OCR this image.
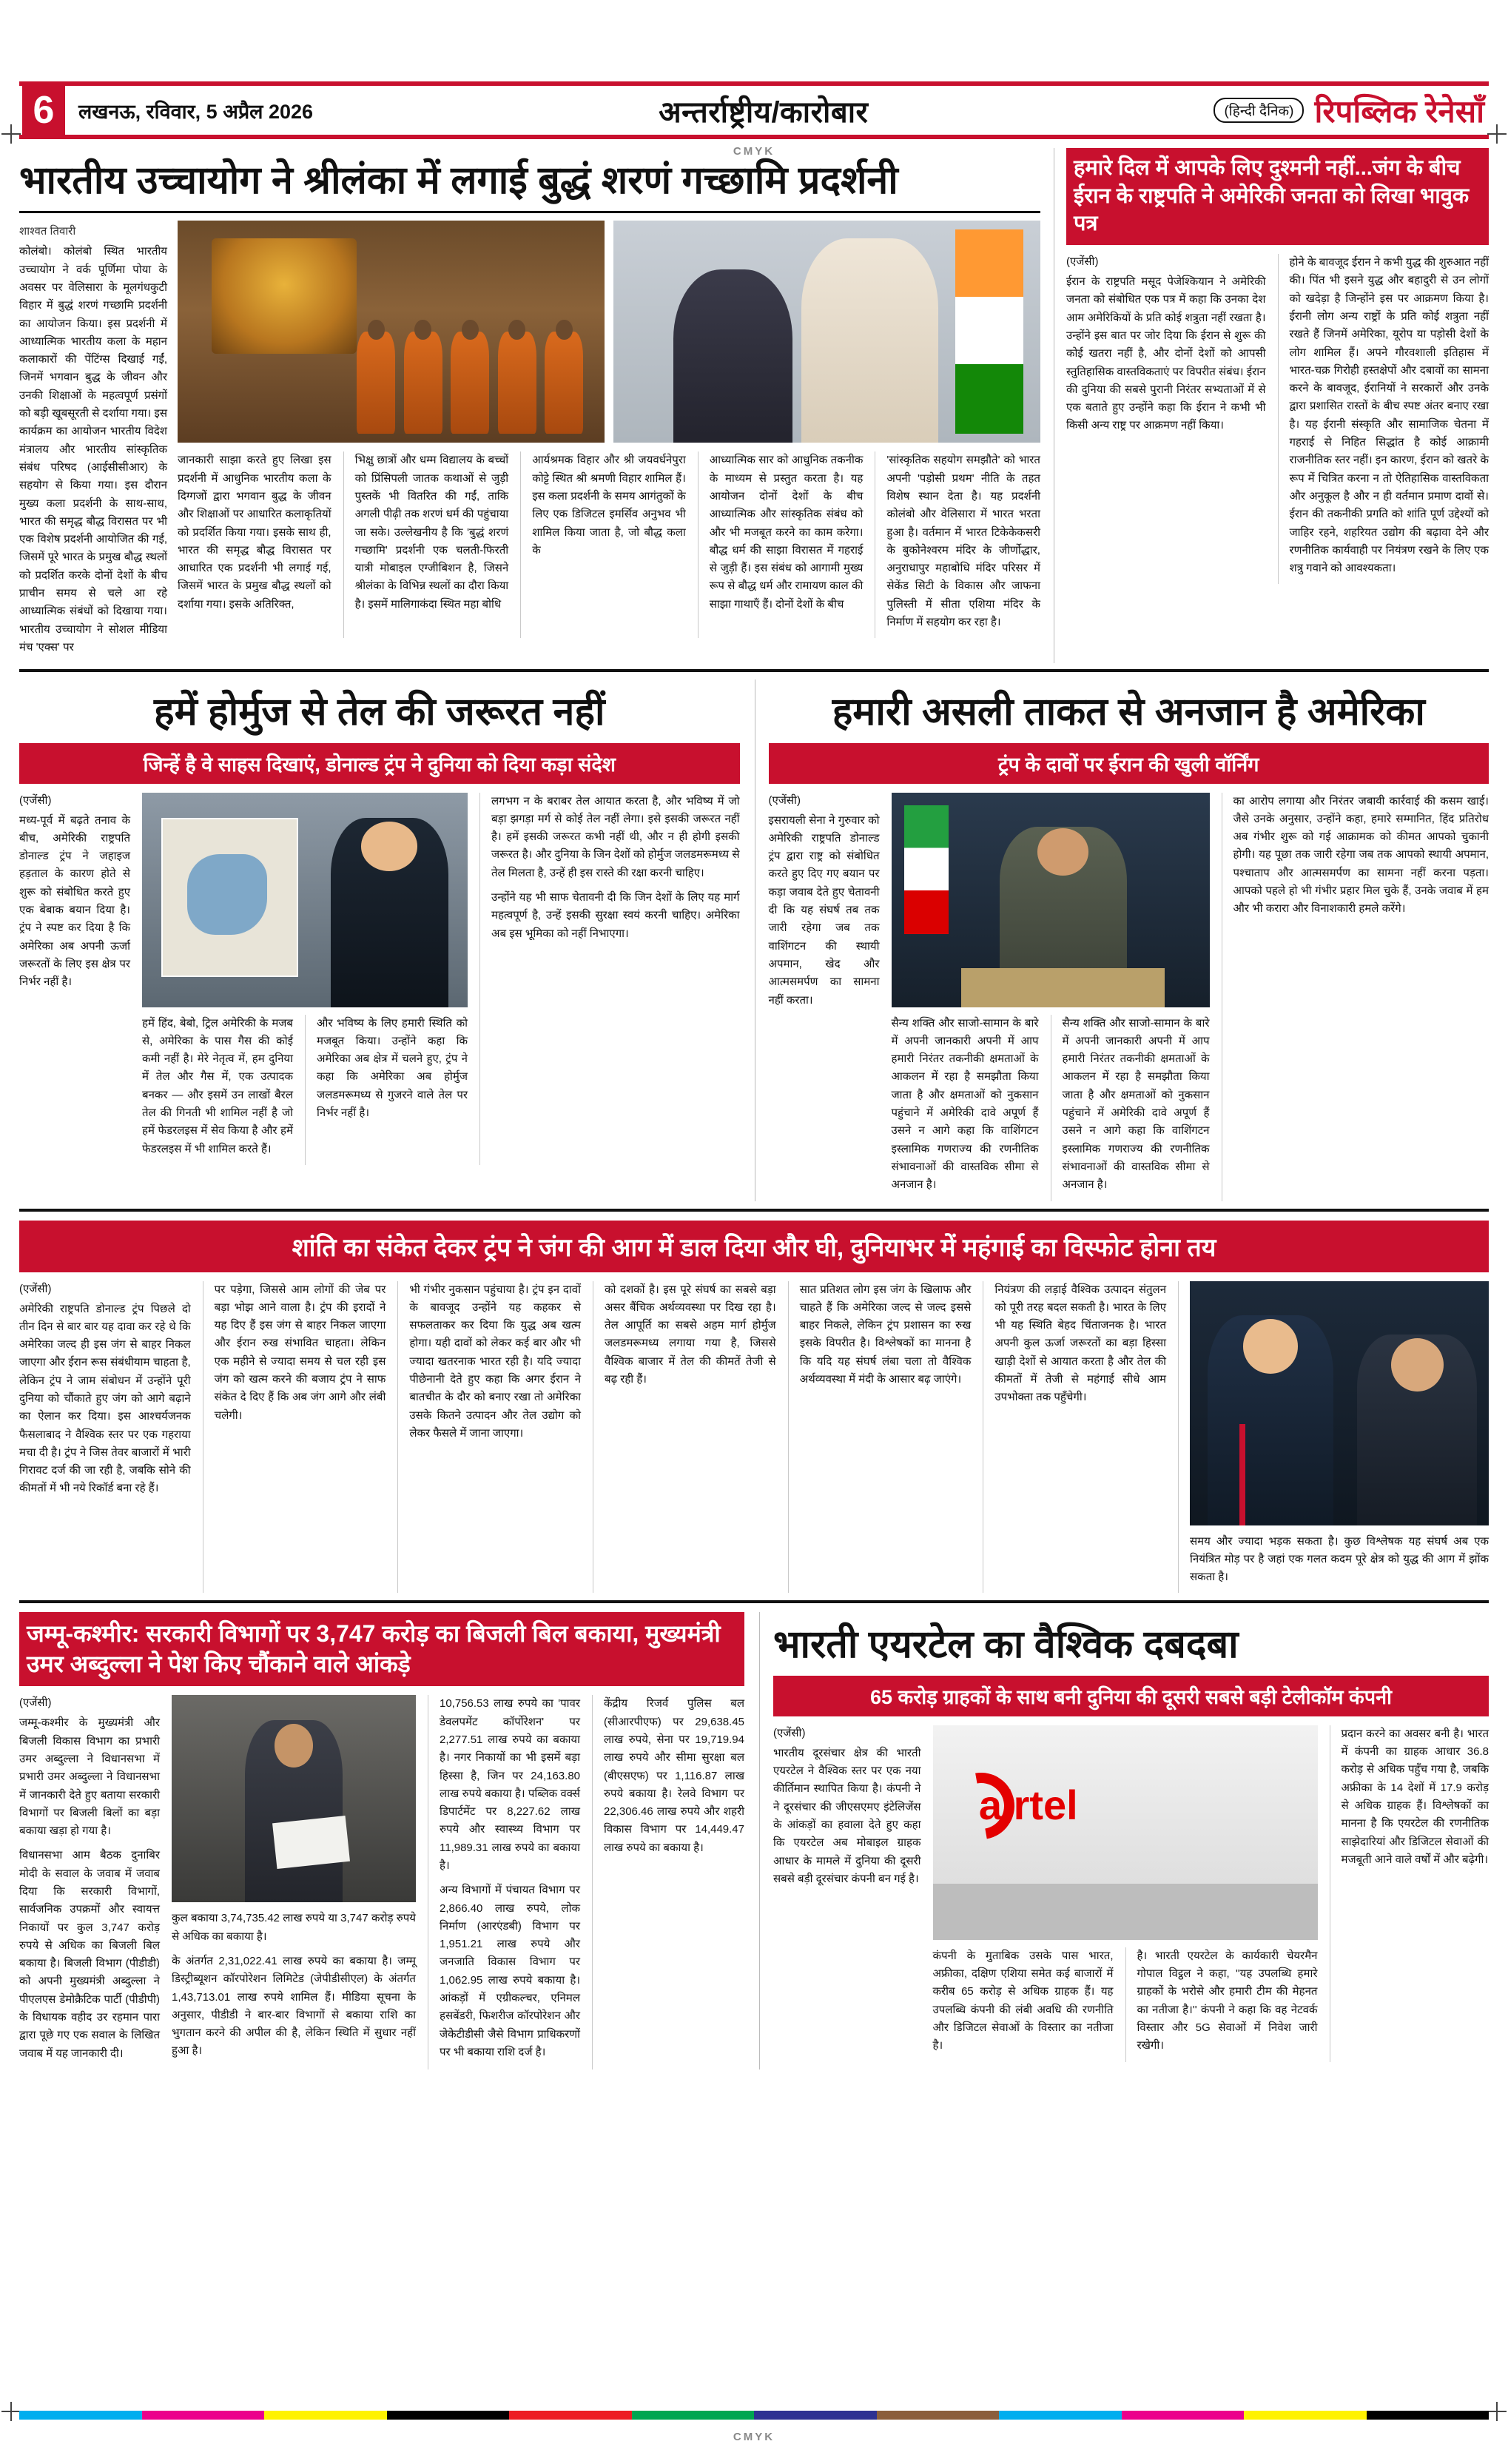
CMYK
CMYK
6	लखनऊ, रविवार, 5 अप्रैल 2026	अन्तर्राष्ट्रीय/कारोबार	(हिन्दी दैनिक) रिपब्लिक रेनेसाँ
भारतीय उच्चायोग ने श्रीलंका में लगाई बुद्धं शरणं गच्छामि प्रदर्शनी
शाश्वत तिवारी

कोलंबो। कोलंबो स्थित भारतीय उच्चायोग ने वर्क पूर्णिमा पोया के अवसर पर वेलिसारा के मूलगंधकुटी विहार में बुद्धं शरणं गच्छामि प्रदर्शनी का आयोजन किया। इस प्रदर्शनी में आध्यात्मिक भारतीय कला के महान कलाकारों की पेंटिंग्स दिखाई गईं, जिनमें भगवान बुद्ध के जीवन और उनकी शिक्षाओं के महत्वपूर्ण प्रसंगों को बड़ी खूबसूरती से दर्शाया गया। इस कार्यक्रम का आयोजन भारतीय विदेश मंत्रालय और भारतीय सांस्कृतिक संबंध परिषद (आईसीसीआर) के सहयोग से किया गया। इस दौरान मुख्य कला प्रदर्शनी के साथ-साथ, भारत की समृद्ध बौद्ध विरासत पर भी एक विशेष प्रदर्शनी आयोजित की गई, जिसमें पूरे भारत के प्रमुख बौद्ध स्थलों को प्रदर्शित करके दोनों देशों के बीच प्राचीन समय से चले आ रहे आध्यात्मिक संबंधों को दिखाया गया। भारतीय उच्चायोग ने सोशल मीडिया मंच 'एक्स' पर

जानकारी साझा करते हुए लिखा इस प्रदर्शनी में आधुनिक भारतीय कला के दिग्गजों द्वारा भगवान बुद्ध के जीवन और शिक्षाओं पर आधारित कलाकृतियों को प्रदर्शित किया गया। इसके साथ ही, भारत की समृद्ध बौद्ध विरासत पर आधारित एक प्रदर्शनी भी लगाई गई, जिसमें भारत के प्रमुख बौद्ध स्थलों को दर्शाया गया। इसके अतिरिक्त,

भिक्षु छात्रों और धम्म विद्यालय के बच्चों को प्रिंसिपली जातक कथाओं से जुड़ी पुस्तकें भी वितरित की गईं, ताकि अगली पीढ़ी तक शरणं धर्म की पहुंचाया जा सके। उल्लेखनीय है कि 'बुद्धं शरणं गच्छामि' प्रदर्शनी एक चलती-फिरती यात्री मोबाइल एग्जीबिशन है, जिसने श्रीलंका के विभिन्न स्थलों का दौरा किया है। इसमें मालिगाकंदा स्थित महा बोधि

आर्यश्रमक विहार और श्री जयवर्धनेपुरा कोट्टे स्थित श्री श्रमणी विहार शामिल हैं। इस कला प्रदर्शनी के समय आगंतुकों के लिए एक डिजिटल इमर्सिव अनुभव भी शामिल किया जाता है, जो बौद्ध कला के

आध्यात्मिक सार को आधुनिक तकनीक के माध्यम से प्रस्तुत करता है। यह आयोजन दोनों देशों के बीच आध्यात्मिक और सांस्कृतिक संबंध को और भी मजबूत करने का काम करेगा। बौद्ध धर्म की साझा विरासत में गहराई से जुड़ी हैं। इस संबंध को आगामी मुख्य रूप से बौद्ध धर्म और रामायण काल की साझा गाथाएँ हैं। दोनों देशों के बीच

'सांस्कृतिक सहयोग समझौते' को भारत अपनी 'पड़ोसी प्रथम' नीति के तहत विशेष स्थान देता है। यह प्रदर्शनी कोलंबो और वेलिसारा में भारत भरता हुआ है। वर्तमान में भारत टिकेकेकसरी के बुकोनेश्वरम मंदिर के जीर्णोद्धार, अनुराधापुर महाबोधि मंदिर परिसर में सेकेंड सिटी के विकास और जाफना पुलिस्ती में सीता एशिया मंदिर के निर्माण में सहयोग कर रहा है।

हमारे दिल में आपके लिए दुश्मनी नहीं...जंग के बीच ईरान के राष्ट्रपति ने अमेरिकी जनता को लिखा भावुक पत्र
(एजेंसी)

ईरान के राष्ट्रपति मसूद पेजेश्कियान ने अमेरिकी जनता को संबोधित एक पत्र में कहा कि उनका देश आम अमेरिकियों के प्रति कोई शत्रुता नहीं रखता है। उन्होंने इस बात पर जोर दिया कि ईरान से शुरू की कोई खतरा नहीं है, और दोनों देशों को आपसी स्तुतिहासिक वास्तविकताएं पर विपरीत संबंध। ईरान की दुनिया की सबसे पुरानी निरंतर सभ्यताओं में से एक बताते हुए उन्होंने कहा कि ईरान ने कभी भी किसी अन्य राष्ट्र पर आक्रमण नहीं किया।

होने के बावजूद ईरान ने कभी युद्ध की शुरुआत नहीं की। पिंत भी इसने युद्ध और बहादुरी से उन लोगों को खदेड़ा है जिन्होंने इस पर आक्रमण किया है। ईरानी लोग अन्य राष्ट्रों के प्रति कोई शत्रुता नहीं रखते हैं जिनमें अमेरिका, यूरोप या पड़ोसी देशों के लोग शामिल हैं। अपने गौरवशाली इतिहास में भारत-चक्र गिरोही हस्तक्षेपों और दबावों का सामना करने के बावजूद, ईरानियों ने सरकारों और उनके द्वारा प्रशासित रास्तों के बीच स्पष्ट अंतर बनाए रखा है। यह ईरानी संस्कृति और सामाजिक चेतना में गहराई से निहित सिद्धांत है कोई आक्रामी राजनीतिक स्तर नहीं। इन कारण, ईरान को खतरे के रूप में चित्रित करना न तो ऐतिहासिक वास्तविकता और अनुकूल है और न ही वर्तमान प्रमाण दावों से। ईरान की तकनीकी प्रगति को शांति पूर्ण उद्देश्यों को जाहिर रहने, शहरियत उद्योग की बढ़ावा देने और रणनीतिक कार्यवाही पर नियंत्रण रखने के लिए एक शत्रु गवाने को आवश्यकता।

हमें होर्मुज से तेल की जरूरत नहीं
जिन्हें है वे साहस दिखाएं, डोनाल्ड ट्रंप ने दुनिया को दिया कड़ा संदेश
(एजेंसी)

मध्य-पूर्व में बढ़ते तनाव के बीच, अमेरिकी राष्ट्रपति डोनाल्ड ट्रंप ने जहाइज हड़ताल के कारण होते से शुरू को संबोधित करते हुए एक बेबाक बयान दिया है। ट्रंप ने स्पष्ट कर दिया है कि अमेरिका अब अपनी ऊर्जा जरूरतों के लिए इस क्षेत्र पर निर्भर नहीं है।

हमें हिंद, बेबो, ट्रिल अमेरिकी के मजब से, अमेरिका के पास गैस की कोई कमी नहीं है। मेरे नेतृत्व में, हम दुनिया में तेल और गैस में, एक उत्पादक बनकर — और इसमें उन लाखों बैरल तेल की गिनती भी शामिल नहीं है जो हमें फेडरलइस में सेव किया है और हमें फेडरलइस में भी शामिल करते हैं।

और भविष्य के लिए हमारी स्थिति को मजबूत किया। उन्होंने कहा कि अमेरिका अब क्षेत्र में चलने हुए, ट्रंप ने कहा कि अमेरिका अब होर्मुज जलडमरूमध्य से गुजरने वाले तेल पर निर्भर नहीं है।

लगभग न के बराबर तेल आयात करता है, और भविष्य में जो बड़ा झगड़ा मर्ग से कोई तेल नहीं लेगा। इसे इसकी जरूरत नहीं है। हमें इसकी जरूरत कभी नहीं थी, और न ही होगी इसकी जरूरत है। और दुनिया के जिन देशों को होर्मुज जलडमरूमध्य से तेल मिलता है, उन्हें ही इस रास्ते की रक्षा करनी चाहिए।

उन्होंने यह भी साफ चेतावनी दी कि जिन देशों के लिए यह मार्ग महत्वपूर्ण है, उन्हें इसकी सुरक्षा स्वयं करनी चाहिए। अमेरिका अब इस भूमिका को नहीं निभाएगा।

हमारी असली ताकत से अनजान है अमेरिका
ट्रंप के दावों पर ईरान की खुली वॉर्निंग
(एजेंसी)

इसरायली सेना ने गुरुवार को अमेरिकी राष्ट्रपति डोनाल्ड ट्रंप द्वारा राष्ट्र को संबोधित करते हुए दिए गए बयान पर कड़ा जवाब देते हुए चेतावनी दी कि यह संघर्ष तब तक जारी रहेगा जब तक वाशिंगटन की स्थायी अपमान, खेद और आत्मसमर्पण का सामना नहीं करता।

सैन्य शक्ति और साजो-सामान के बारे में अपनी जानकारी अपनी में आप हमारी निरंतर तकनीकी क्षमताओं के आकलन में रहा है समझौता किया जाता है और क्षमताओं को नुकसान पहुंचाने में अमेरिकी दावे अपूर्ण हैं उसने न आगे कहा कि वाशिंगटन इस्लामिक गणराज्य की रणनीतिक संभावनाओं की वास्तविक सीमा से अनजान है।

सैन्य शक्ति और साजो-सामान के बारे में अपनी जानकारी अपनी में आप हमारी निरंतर तकनीकी क्षमताओं के आकलन में रहा है समझौता किया जाता है और क्षमताओं को नुकसान पहुंचाने में अमेरिकी दावे अपूर्ण हैं उसने न आगे कहा कि वाशिंगटन इस्लामिक गणराज्य की रणनीतिक संभावनाओं की वास्तविक सीमा से अनजान है।

का आरोप लगाया और निरंतर जबावी कार्रवाई की कसम खाई। जैसे उनके अनुसार, उन्होंने कहा, हमारे सम्मानित, हिंद प्रतिरोध अब गंभीर शुरू को गई आक्रामक को कीमत आपको चुकानी होगी। यह पूछा तक जारी रहेगा जब तक आपको स्थायी अपमान, पश्चाताप और आत्मसमर्पण का सामना नहीं करना पड़ता। आपको पहले हो भी गंभीर प्रहार मिल चुके हैं, उनके जवाब में हम और भी करारा और विनाशकारी हमले करेंगे।

शांति का संकेत देकर ट्रंप ने जंग की आग में डाल दिया और घी, दुनियाभर में महंगाई का विस्फोट होना तय
(एजेंसी)

अमेरिकी राष्ट्रपति डोनाल्ड ट्रंप पिछले दो तीन दिन से बार बार यह दावा कर रहे थे कि अमेरिका जल्द ही इस जंग से बाहर निकल जाएगा और ईरान रूस संबंधीयाम चाहता है, लेकिन ट्रंप ने जाम संबोधन में उन्होंने पूरी दुनिया को चौंकाते हुए जंग को आगे बढ़ाने का ऐलान कर दिया। इस आश्चर्यजनक फैसलाबाद ने वैश्विक स्तर पर एक गहराया मचा दी है। ट्रंप ने जिस तेवर बाजारों में भारी गिरावट दर्ज की जा रही है, जबकि सोने की कीमतों में भी नये रिकॉर्ड बना रहे हैं।

पर पड़ेगा, जिससे आम लोगों की जेब पर बड़ा भोझ आने वाला है। ट्रंप की इरादों ने यह दिए हैं इस जंग से बाहर निकल जाएगा और ईरान रुख संभावित चाहता। लेकिन एक महीने से ज्यादा समय से चल रही इस जंग को खत्म करने की बजाय ट्रंप ने साफ संकेत दे दिए हैं कि अब जंग आगे और लंबी चलेगी।

भी गंभीर नुकसान पहुंचाया है। ट्रंप इन दावों के बावजूद उन्होंने यह कहकर से सफलताकर कर दिया कि युद्ध अब खत्म होगा। यही दावों को लेकर कई बार और भी ज्यादा खतरनाक भारत रही है। यदि ज्यादा पीछेनानी देते हुए कहा कि अगर ईरान ने बातचीत के दौर को बनाए रखा तो अमेरिका उसके कितने उत्पादन और तेल उद्योग को लेकर फैसले में जाना जाएगा।

को दशकों है। इस पूरे संघर्ष का सबसे बड़ा असर बैंचिक अर्थव्यवस्था पर दिख रहा है। तेल आपूर्ति का सबसे अहम मार्ग होर्मुज जलडमरूमध्य लगाया गया है, जिससे वैश्विक बाजार में तेल की कीमतें तेजी से बढ़ रही हैं।

सात प्रतिशत लोग इस जंग के खिलाफ और चाहते हैं कि अमेरिका जल्द से जल्द इससे बाहर निकले, लेकिन ट्रंप प्रशासन का रुख इसके विपरीत है। विश्लेषकों का मानना है कि यदि यह संघर्ष लंबा चला तो वैश्विक अर्थव्यवस्था में मंदी के आसार बढ़ जाएंगे।

नियंत्रण की लड़ाई वैश्विक उत्पादन संतुलन को पूरी तरह बदल सकती है। भारत के लिए भी यह स्थिति बेहद चिंताजनक है। भारत अपनी कुल ऊर्जा जरूरतों का बड़ा हिस्सा खाड़ी देशों से आयात करता है और तेल की कीमतों में तेजी से महंगाई सीधे आम उपभोक्ता तक पहुँचेगी।

समय और ज्यादा भड़क सकता है। कुछ विश्लेषक यह संघर्ष अब एक नियंत्रित मोड़ पर है जहां एक गलत कदम पूरे क्षेत्र को युद्ध की आग में झोंक सकता है।

जम्मू-कश्मीर: सरकारी विभागों पर 3,747 करोड़ का बिजली बिल बकाया, मुख्यमंत्री उमर अब्दुल्ला ने पेश किए चौंकाने वाले आंकड़े
(एजेंसी)

जम्मू-कश्मीर के मुख्यमंत्री और बिजली विकास विभाग का प्रभारी उमर अब्दुल्ला ने विधानसभा में प्रभारी उमर अब्दुल्ला ने विधानसभा में जानकारी देते हुए बताया सरकारी विभागों पर बिजली बिलों का बड़ा बकाया खड़ा हो गया है।

विधानसभा आम बैठक दुनाबिर मोदी के सवाल के जवाब में जवाब दिया कि सरकारी विभागों, सार्वजनिक उपक्रमों और स्वायत्त निकायों पर कुल 3,747 करोड़ रुपये से अधिक का बिजली बिल बकाया है। बिजली विभाग (पीडीडी) को अपनी मुख्यमंत्री अब्दुल्ला ने पीएलएस डेमोक्रैटिक पार्टी (पीडीपी) के विधायक वहीद उर रहमान पारा द्वारा पूछे गए एक सवाल के लिखित जवाब में यह जानकारी दी।

कुल बकाया 3,74,735.42 लाख रुपये या 3,747 करोड़ रुपये से अधिक का बकाया है।

के अंतर्गत 2,31,022.41 लाख रुपये का बकाया है। जम्मू डिस्ट्रीब्यूशन कॉरपोरेशन लिमिटेड (जेपीडीसीएल) के अंतर्गत 1,43,713.01 लाख रुपये शामिल हैं। मीडिया सूचना के अनुसार, पीडीडी ने बार-बार विभागों से बकाया राशि का भुगतान करने की अपील की है, लेकिन स्थिति में सुधार नहीं हुआ है।

10,756.53 लाख रुपये का 'पावर डेवलपमेंट कॉर्पोरेशन' पर 2,277.51 लाख रुपये का बकाया है। नगर निकायों का भी इसमें बड़ा हिस्सा है, जिन पर 24,163.80 लाख रुपये बकाया है। पब्लिक वर्क्स डिपार्टमेंट पर 8,227.62 लाख रुपये और स्वास्थ्य विभाग पर 11,989.31 लाख रुपये का बकाया है।

अन्य विभागों में पंचायत विभाग पर 2,866.40 लाख रुपये, लोक निर्माण (आरएंडबी) विभाग पर 1,951.21 लाख रुपये और जनजाति विकास विभाग पर 1,062.95 लाख रुपये बकाया है। आंकड़ों में एग्रीकल्चर, एनिमल हसबेंडरी, फिशरीज कॉरपोरेशन और जेकेटीडीसी जैसे विभाग प्राधिकरणों पर भी बकाया राशि दर्ज है।

केंद्रीय रिजर्व पुलिस बल (सीआरपीएफ) पर 29,638.45 लाख रुपये, सेना पर 19,719.94 लाख रुपये और सीमा सुरक्षा बल (बीएसएफ) पर 1,116.87 लाख रुपये बकाया है। रेलवे विभाग पर 22,306.46 लाख रुपये और शहरी विकास विभाग पर 14,449.47 लाख रुपये का बकाया है।

भारती एयरटेल का वैश्विक दबदबा
65 करोड़ ग्राहकों के साथ बनी दुनिया की दूसरी सबसे बड़ी टेलीकॉम कंपनी
(एजेंसी)

भारतीय दूरसंचार क्षेत्र की भारती एयरटेल ने वैश्विक स्तर पर एक नया कीर्तिमान स्थापित किया है। कंपनी ने ने दूरसंचार की जीएसएमए इंटेलिजेंस के आंकड़ों का हवाला देते हुए कहा कि एयरटेल अब मोबाइल ग्राहक आधार के मामले में दुनिया की दूसरी सबसे बड़ी दूरसंचार कंपनी बन गई है।

airtel

कंपनी के मुताबिक उसके पास भारत, अफ्रीका, दक्षिण एशिया समेत कई बाजारों में करीब 65 करोड़ से अधिक ग्राहक हैं। यह उपलब्धि कंपनी की लंबी अवधि की रणनीति और डिजिटल सेवाओं के विस्तार का नतीजा है।

है। भारती एयरटेल के कार्यकारी चेयरमैन गोपाल विट्ठल ने कहा, ''यह उपलब्धि हमारे ग्राहकों के भरोसे और हमारी टीम की मेहनत का नतीजा है।'' कंपनी ने कहा कि वह नेटवर्क विस्तार और 5G सेवाओं में निवेश जारी रखेगी।

प्रदान करने का अवसर बनी है। भारत में कंपनी का ग्राहक आधार 36.8 करोड़ से अधिक पहुँच गया है, जबकि अफ्रीका के 14 देशों में 17.9 करोड़ से अधिक ग्राहक हैं। विश्लेषकों का मानना है कि एयरटेल की रणनीतिक साझेदारियां और डिजिटल सेवाओं की मजबूती आने वाले वर्षों में और बढ़ेगी।
